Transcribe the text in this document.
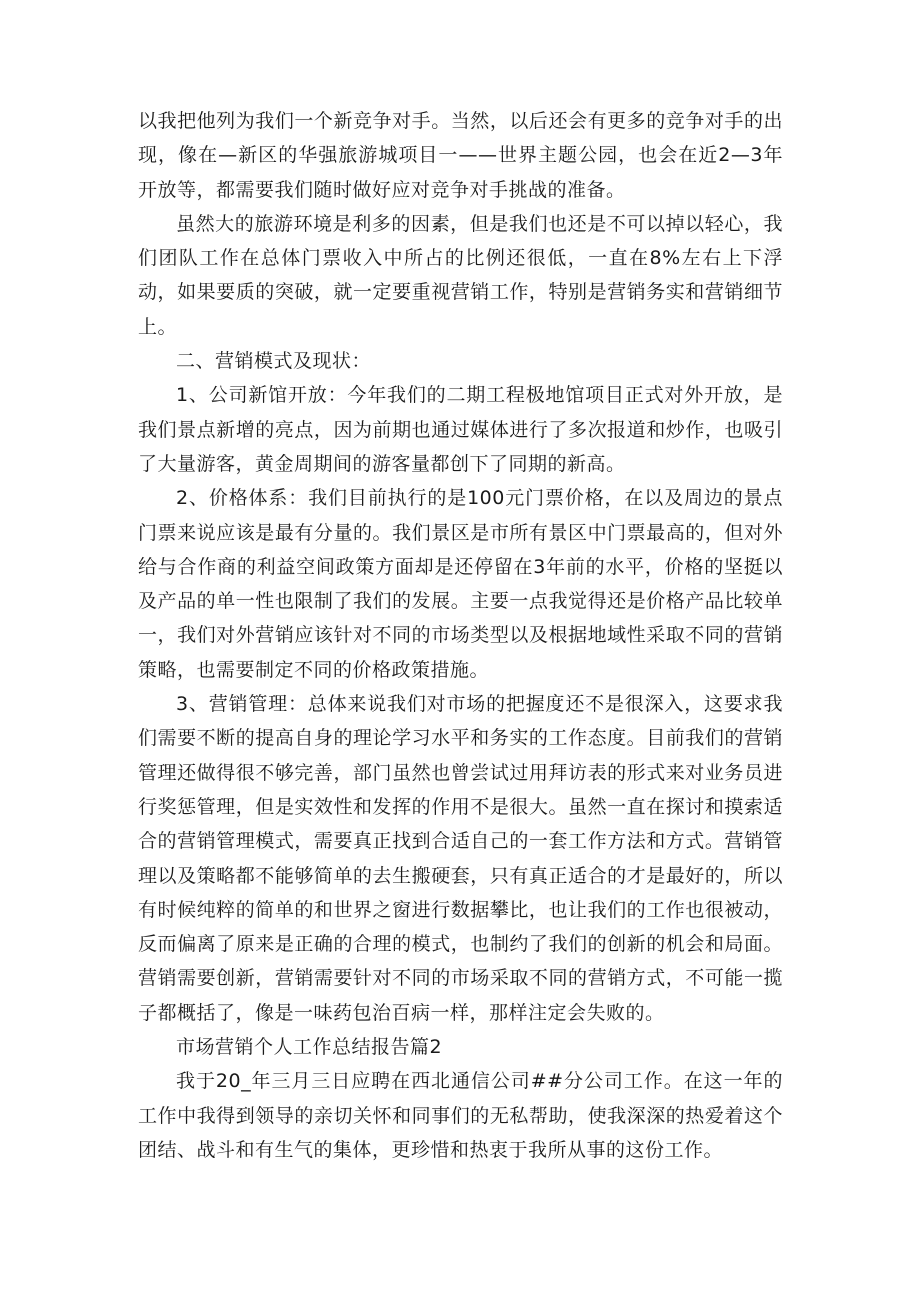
以我把他列为我们一个新竞争对手。当然，以后还会有更多的竞争对手的出现，像在—新区的华强旅游城项目一——世界主题公园，也会在近2—3年开放等，都需要我们随时做好应对竞争对手挑战的准备。

虽然大的旅游环境是利多的因素，但是我们也还是不可以掉以轻心，我们团队工作在总体门票收入中所占的比例还很低，一直在8%左右上下浮动，如果要质的突破，就一定要重视营销工作，特别是营销务实和营销细节上。

二、营销模式及现状：

1、公司新馆开放：今年我们的二期工程极地馆项目正式对外开放，是我们景点新增的亮点，因为前期也通过媒体进行了多次报道和炒作，也吸引了大量游客，黄金周期间的游客量都创下了同期的新高。

2、价格体系：我们目前执行的是100元门票价格，在以及周边的景点门票来说应该是最有分量的。我们景区是市所有景区中门票最高的，但对外给与合作商的利益空间政策方面却是还停留在3年前的水平，价格的坚挺以及产品的单一性也限制了我们的发展。主要一点我觉得还是价格产品比较单一，我们对外营销应该针对不同的市场类型以及根据地域性采取不同的营销策略，也需要制定不同的价格政策措施。

3、营销管理：总体来说我们对市场的把握度还不是很深入，这要求我们需要不断的提高自身的理论学习水平和务实的工作态度。目前我们的营销管理还做得很不够完善，部门虽然也曾尝试过用拜访表的形式来对业务员进行奖惩管理，但是实效性和发挥的作用不是很大。虽然一直在探讨和摸索适合的营销管理模式，需要真正找到合适自己的一套工作方法和方式。营销管理以及策略都不能够简单的去生搬硬套，只有真正适合的才是最好的，所以有时候纯粹的简单的和世界之窗进行数据攀比，也让我们的工作也很被动，反而偏离了原来是正确的合理的模式，也制约了我们的创新的机会和局面。营销需要创新，营销需要针对不同的市场采取不同的营销方式，不可能一揽子都概括了，像是一味药包治百病一样，那样注定会失败的。

市场营销个人工作总结报告篇2

我于20_年三月三日应聘在西北通信公司##分公司工作。在这一年的工作中我得到领导的亲切关怀和同事们的无私帮助，使我深深的热爱着这个团结、战斗和有生气的集体，更珍惜和热衷于我所从事的这份工作。
